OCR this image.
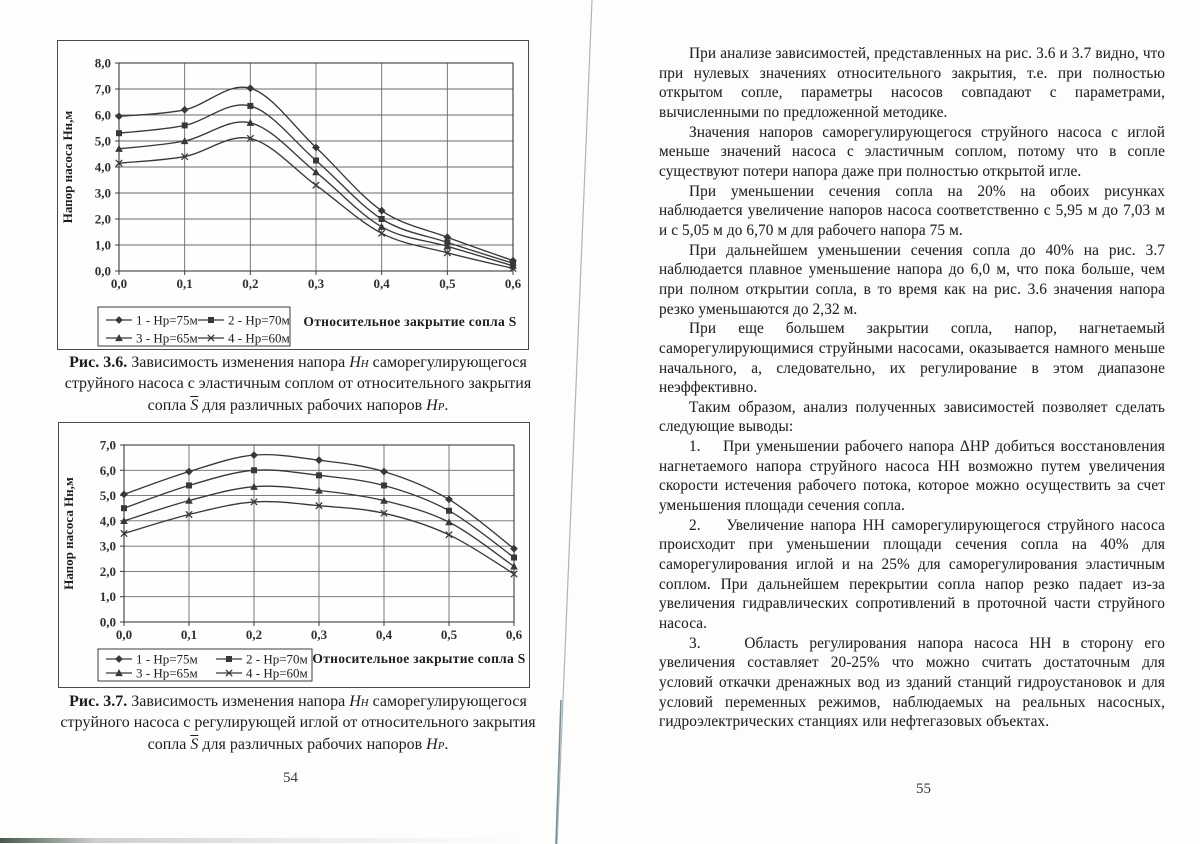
0,0
1,0
2,0
3,0
4,0
5,0
6,0
7,0
8,0
0,0	0,1	0,2	0,3	0,4	0,5	0,6
Напор насоса Нн,м
1 - Нр=75м 2 - Нр=70м
3 - Нр=65м 4 - Нр=60м
Относительное закрытие сопла S
Рис. 3.6. Зависимость изменения напора НН саморегулирующегося струйного насоса с эластичным соплом от относительного закрытия сопла $\overline{S}$ для различных рабочих напоров НР.
0,0
1,0
2,0
3,0
4,0
5,0
6,0
7,0
0,0	0,1	0,2	0,3	0,4	0,5	0,6
Напор насоса Нн,м
1 - Нр=75м	2 - Нр=70м
3 - Нр=65м	4 - Нр=60м
Относительное закрытие сопла S
Рис. 3.7. Зависимость изменения напора НН саморегулирующегося струйного насоса с регулирующей иглой от относительного закрытия сопла $\overline{S}$ для различных рабочих напоров НР.
54

При анализе зависимостей, представленных на рис. 3.6 и 3.7 видно, что при нулевых значениях относительного закрытия, т.е. при полностью открытом сопле, параметры насосов совпадают с параметрами, вычисленными по предложенной методике.

Значения напоров саморегулирующегося струйного насоса с иглой меньше значений насоса с эластичным соплом, потому что в сопле существуют потери напора даже при полностью открытой игле.

При уменьшении сечения сопла на 20% на обоих рисунках наблюдается увеличение напоров насоса соответственно с 5,95 м до 7,03 м и с 5,05 м до 6,70 м для рабочего напора 75 м.

При дальнейшем уменьшении сечения сопла до 40% на рис. 3.7 наблюдается плавное уменьшение напора до 6,0 м, что пока больше, чем при полном открытии сопла, в то время как на рис. 3.6 значения напора резко уменьшаются до 2,32 м.

При еще большем закрытии сопла, напор, нагнетаемый саморегулирующимися струйными насосами, оказывается намного меньше начального, а, следовательно, их регулирование в этом диапазоне неэффективно.

Таким образом, анализ полученных зависимостей позволяет сделать следующие выводы:

1.    При уменьшении рабочего напора ΔНР добиться восстановления нагнетаемого напора струйного насоса НН возможно путем увеличения скорости истечения рабочего потока, которое можно осуществить за счет уменьшения площади сечения сопла.

2.    Увеличение напора НН саморегулирующегося струйного насоса происходит при уменьшении площади сечения сопла на 40% для саморегулирования иглой и на 25% для саморегулирования эластичным соплом. При дальнейшем перекрытии сопла напор резко падает из-за увеличения гидравлических сопротивлений в проточной части струйного насоса.

3.    Область регулирования напора насоса НН в сторону его увеличения составляет 20-25% что можно считать достаточным для условий откачки дренажных вод из зданий станций гидроустановок и для условий переменных режимов, наблюдаемых на реальных насосных, гидроэлектрических станциях или нефтегазовых объектах.

55
